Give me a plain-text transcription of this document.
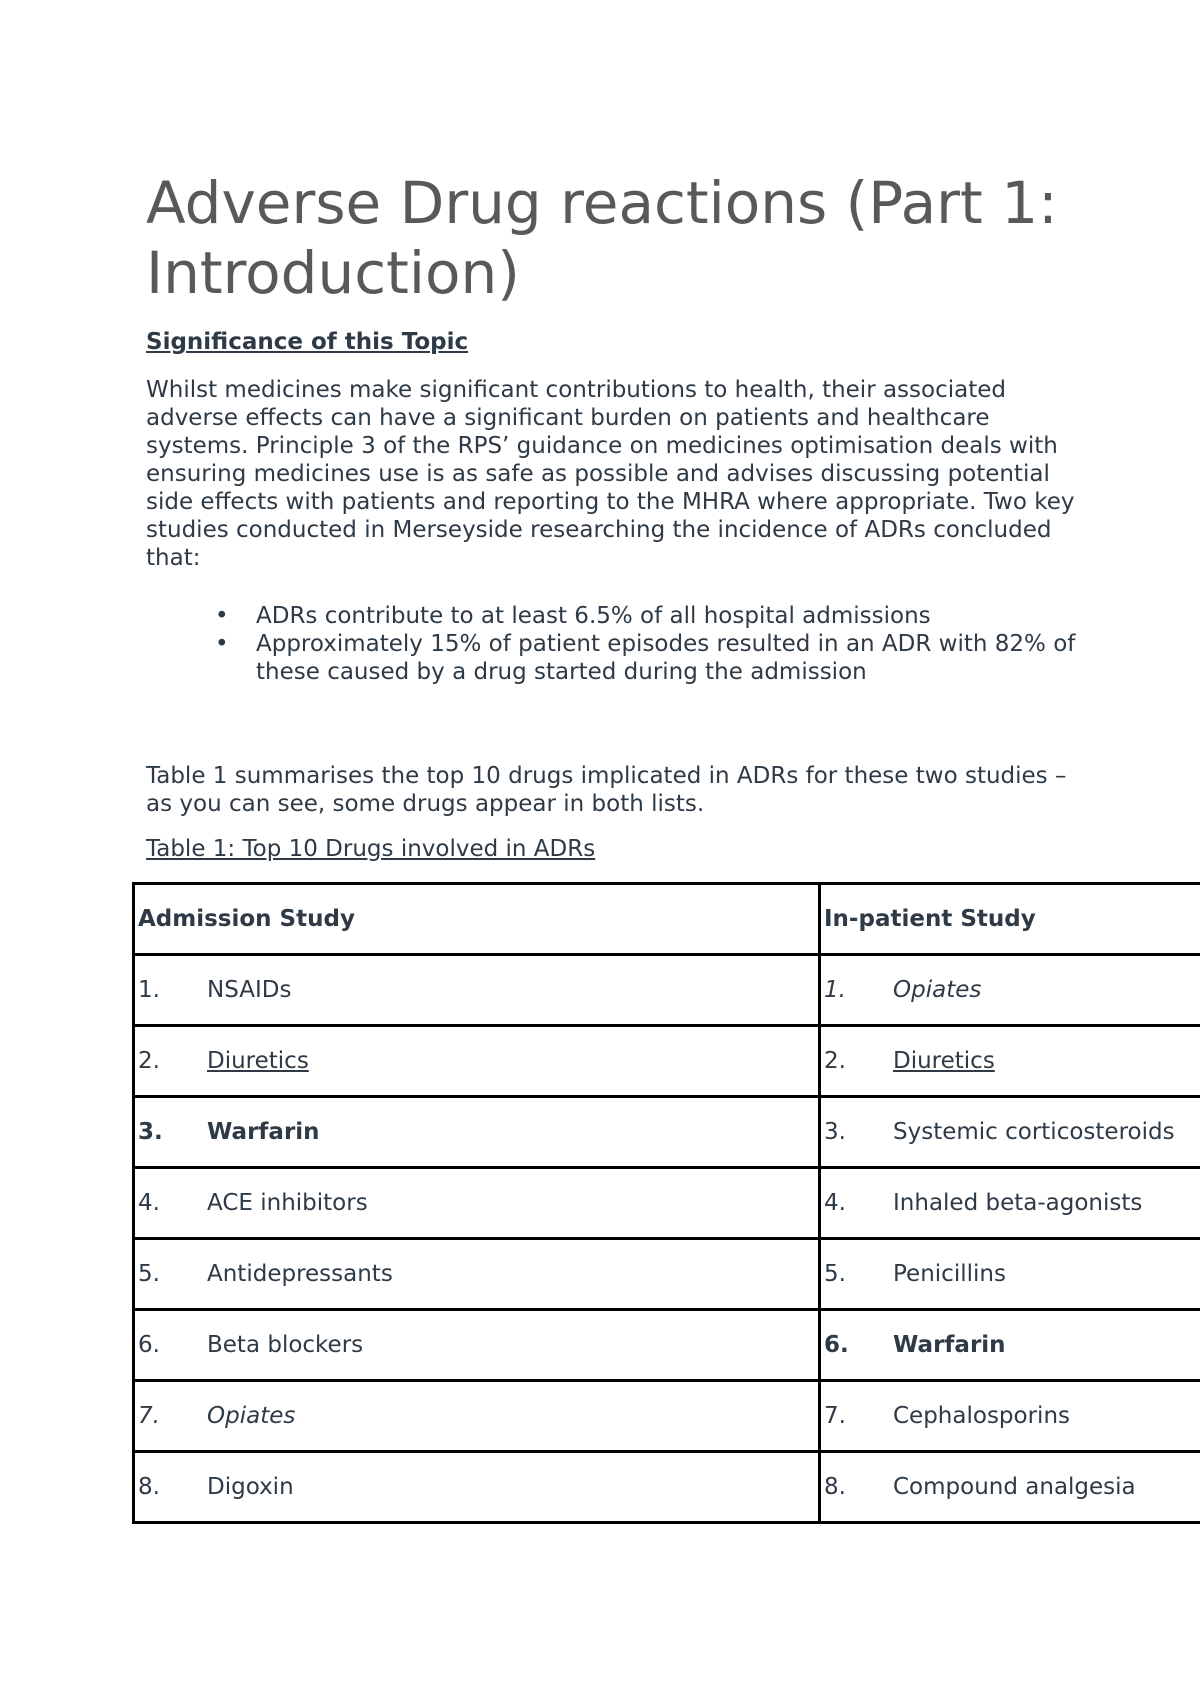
Adverse Drug reactions (Part 1: Introduction)
Significance of this Topic

Whilst medicines make significant contributions to health, their associated adverse effects can have a significant burden on patients and healthcare systems. Principle 3 of the RPS’ guidance on medicines optimisation deals with ensuring medicines use is as safe as possible and advises discussing potential side effects with patients and reporting to the MHRA where appropriate. Two key studies conducted in Merseyside researching the incidence of ADRs concluded that:

• ADRs contribute to at least 6.5% of all hospital admissions
• Approximately 15% of patient episodes resulted in an ADR with 82% of these caused by a drug started during the admission

Table 1 summarises the top 10 drugs implicated in ADRs for these two studies – as you can see, some drugs appear in both lists.

Table 1: Top 10 Drugs involved in ADRs

Admission Study	In-patient Study
1. NSAIDs	1. Opiates
2. Diuretics	2. Diuretics
3. Warfarin	3. Systemic corticosteroids
4. ACE inhibitors	4. Inhaled beta-agonists
5. Antidepressants	5. Penicillins
6. Beta blockers	6. Warfarin
7. Opiates	7. Cephalosporins
8. Digoxin	8. Compound analgesia
